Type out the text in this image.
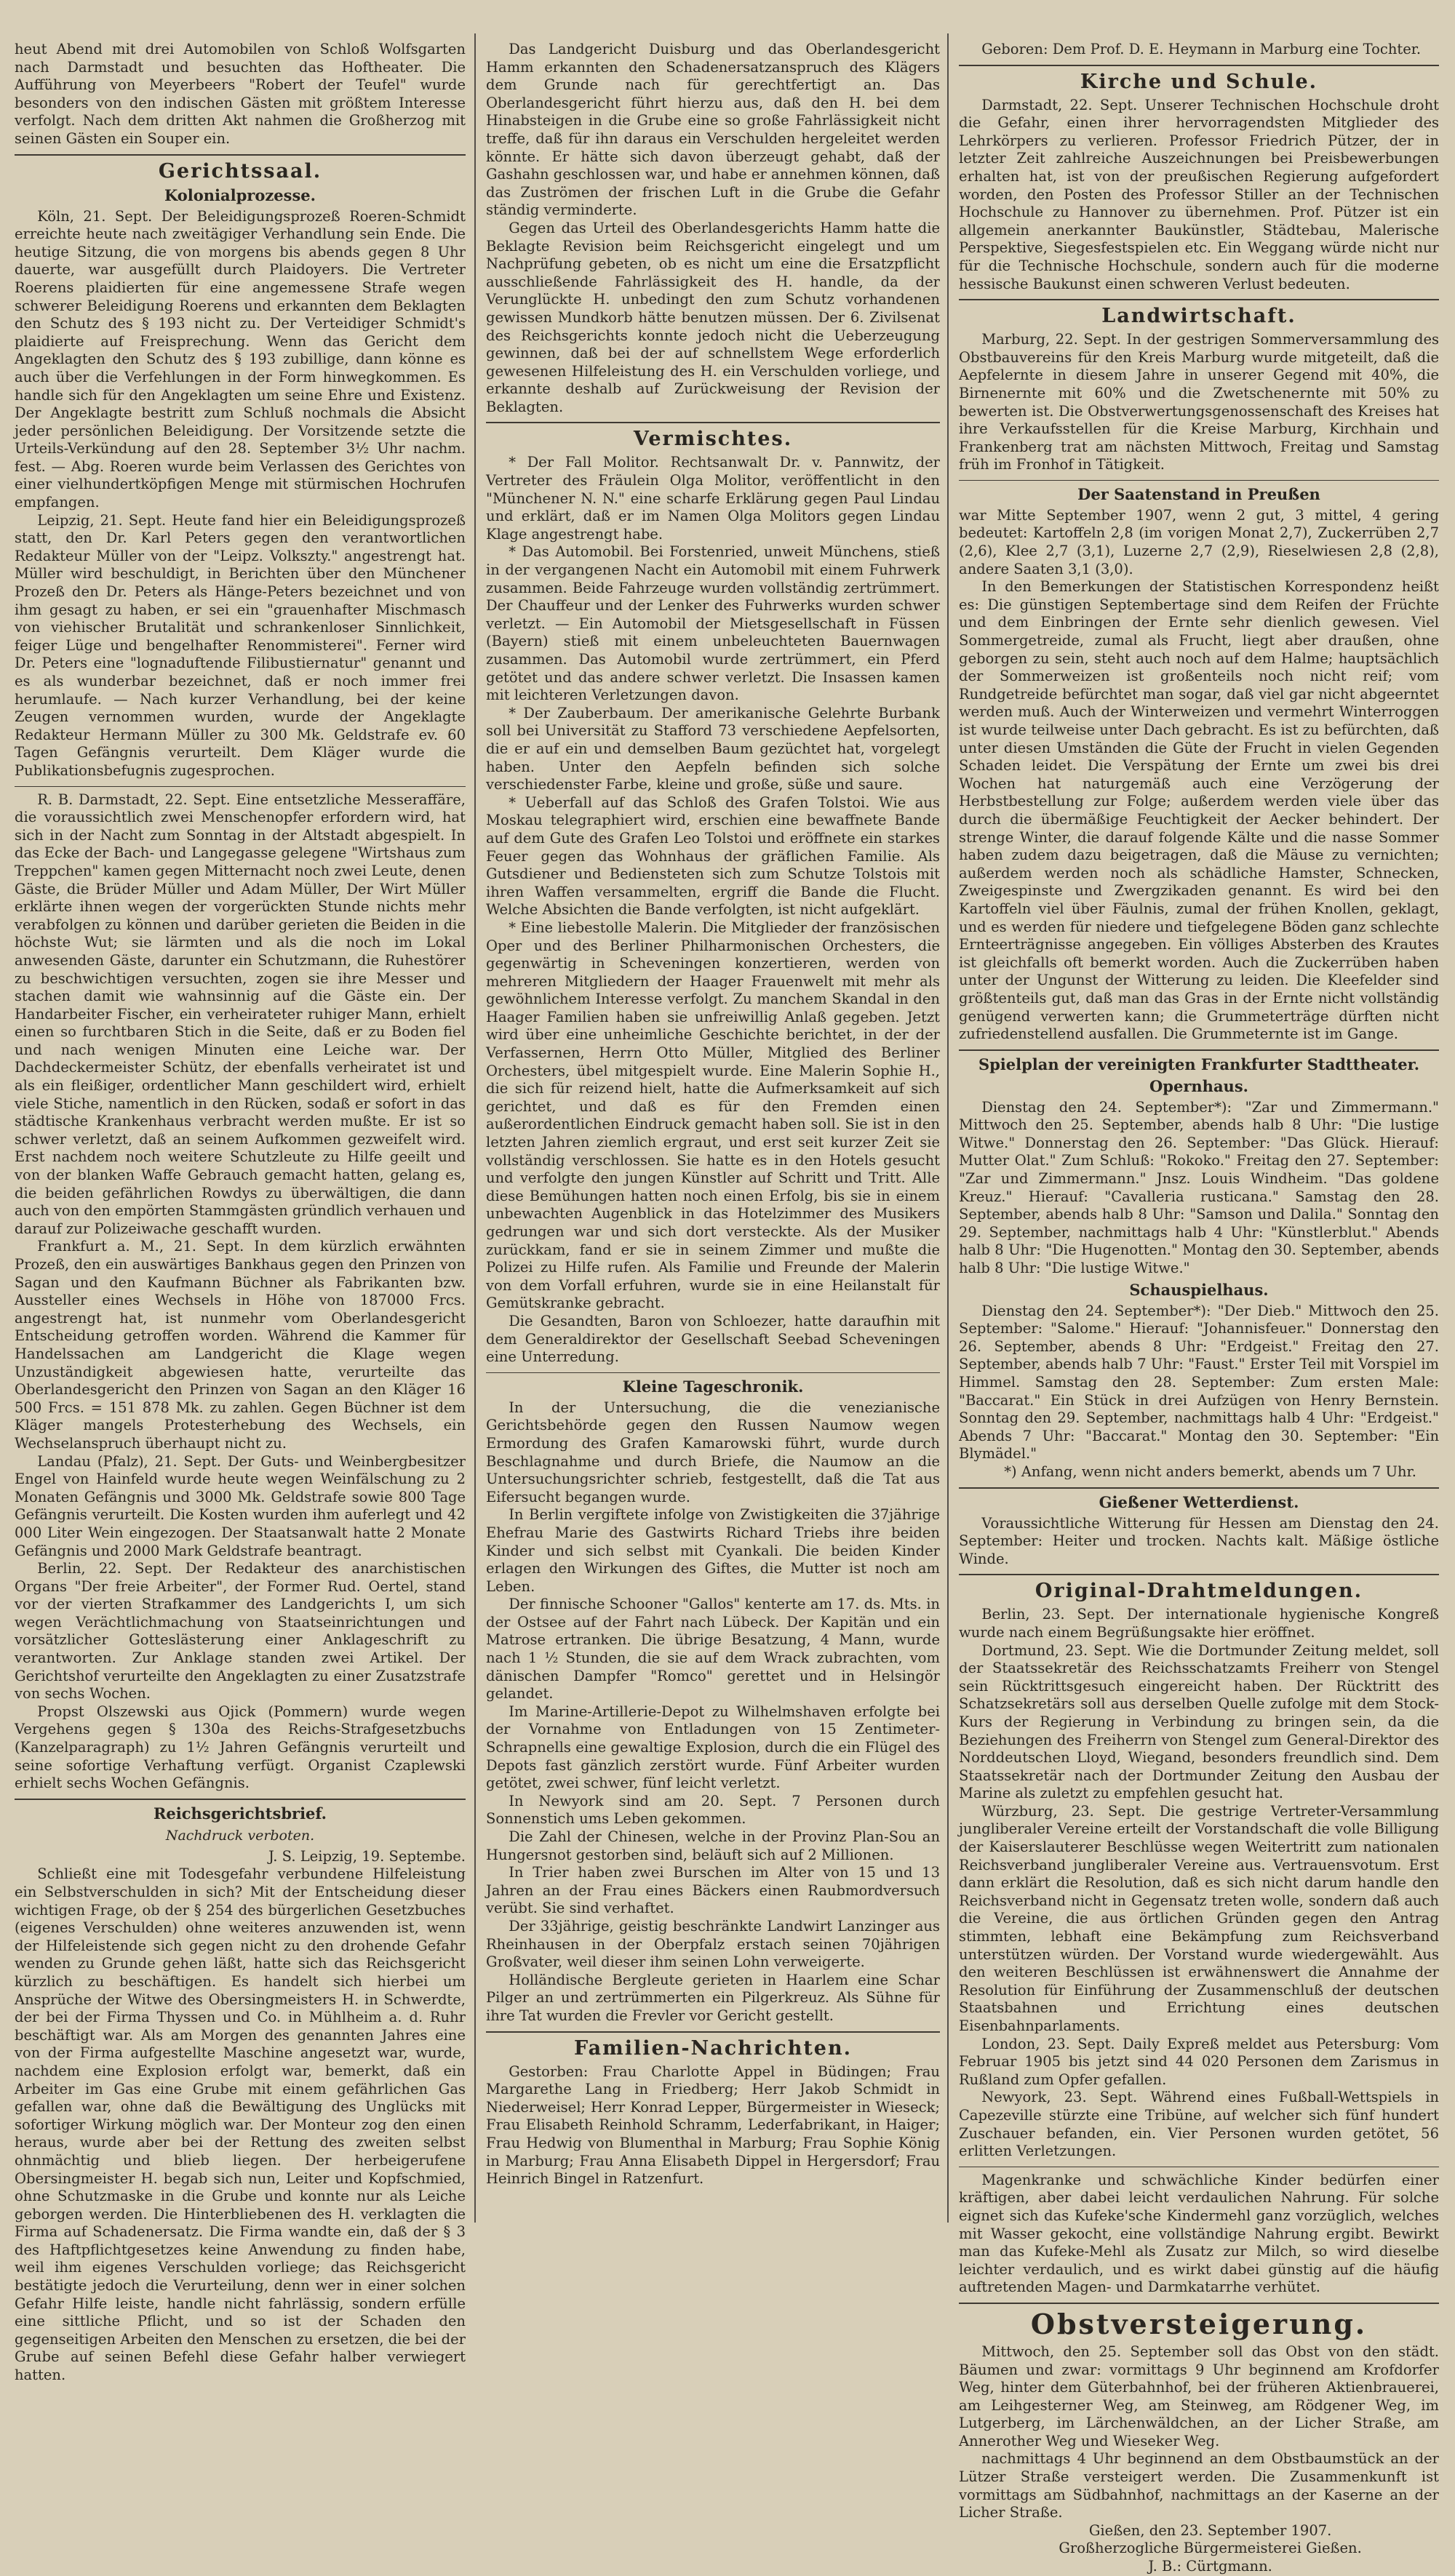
heut Abend mit drei Automobilen von Schloß Wolfsgarten nach Darmstadt und besuchten das Hoftheater. Die Aufführung von Meyerbeers "Robert der Teufel" wurde besonders von den indischen Gästen mit größtem Interesse verfolgt. Nach dem dritten Akt nahmen die Großherzog mit seinen Gästen ein Souper ein.

Gerichtssaal.
Kolonialprozesse.

Köln, 21. Sept. Der Beleidigungsprozeß Roeren-Schmidt erreichte heute nach zweitägiger Verhandlung sein Ende. Die heutige Sitzung, die von morgens bis abends gegen 8 Uhr dauerte, war ausgefüllt durch Plaidoyers. Die Vertreter Roerens plaidierten für eine angemessene Strafe wegen schwerer Beleidigung Roerens und erkannten dem Beklagten den Schutz des § 193 nicht zu. Der Verteidiger Schmidt's plaidierte auf Freisprechung. Wenn das Gericht dem Angeklagten den Schutz des § 193 zubillige, dann könne es auch über die Verfehlungen in der Form hinwegkommen. Es handle sich für den Angeklagten um seine Ehre und Existenz. Der Angeklagte bestritt zum Schluß nochmals die Absicht jeder persönlichen Beleidigung. Der Vorsitzende setzte die Urteils-Verkündung auf den 28. September 3½ Uhr nachm. fest. — Abg. Roeren wurde beim Verlassen des Gerichtes von einer vielhundertköpfigen Menge mit stürmischen Hochrufen empfangen.

Leipzig, 21. Sept. Heute fand hier ein Beleidigungsprozeß statt, den Dr. Karl Peters gegen den verantwortlichen Redakteur Müller von der "Leipz. Volkszty." angestrengt hat. Müller wird beschuldigt, in Berichten über den Münchener Prozeß den Dr. Peters als Hänge-Peters bezeichnet und von ihm gesagt zu haben, er sei ein "grauenhafter Mischmasch von viehischer Brutalität und schrankenloser Sinnlichkeit, feiger Lüge und bengelhafter Renommisterei". Ferner wird Dr. Peters eine "lognaduftende Filibustiernatur" genannt und es als wunderbar bezeichnet, daß er noch immer frei herumlaufe. — Nach kurzer Verhandlung, bei der keine Zeugen vernommen wurden, wurde der Angeklagte Redakteur Hermann Müller zu 300 Mk. Geldstrafe ev. 60 Tagen Gefängnis verurteilt. Dem Kläger wurde die Publikationsbefugnis zugesprochen.

R. B. Darmstadt, 22. Sept. Eine entsetzliche Messeraffäre, die voraussichtlich zwei Menschenopfer erfordern wird, hat sich in der Nacht zum Sonntag in der Altstadt abgespielt. In das Ecke der Bach- und Langegasse gelegene "Wirtshaus zum Treppchen" kamen gegen Mitternacht noch zwei Leute, denen Gäste, die Brüder Müller und Adam Müller, Der Wirt Müller erklärte ihnen wegen der vorgerückten Stunde nichts mehr verabfolgen zu können und darüber gerieten die Beiden in die höchste Wut; sie lärmten und als die noch im Lokal anwesenden Gäste, darunter ein Schutzmann, die Ruhestörer zu beschwichtigen versuchten, zogen sie ihre Messer und stachen damit wie wahnsinnig auf die Gäste ein. Der Handarbeiter Fischer, ein verheirateter ruhiger Mann, erhielt einen so furchtbaren Stich in die Seite, daß er zu Boden fiel und nach wenigen Minuten eine Leiche war. Der Dachdeckermeister Schütz, der ebenfalls verheiratet ist und als ein fleißiger, ordentlicher Mann geschildert wird, erhielt viele Stiche, namentlich in den Rücken, sodaß er sofort in das städtische Krankenhaus verbracht werden mußte. Er ist so schwer verletzt, daß an seinem Aufkommen gezweifelt wird. Erst nachdem noch weitere Schutzleute zu Hilfe geeilt und von der blanken Waffe Gebrauch gemacht hatten, gelang es, die beiden gefährlichen Rowdys zu überwältigen, die dann auch von den empörten Stammgästen gründlich verhauen und darauf zur Polizeiwache geschafft wurden.

Frankfurt a. M., 21. Sept. In dem kürzlich erwähnten Prozeß, den ein auswärtiges Bankhaus gegen den Prinzen von Sagan und den Kaufmann Büchner als Fabrikanten bzw. Aussteller eines Wechsels in Höhe von 187000 Frcs. angestrengt hat, ist nunmehr vom Oberlandesgericht Entscheidung getroffen worden. Während die Kammer für Handelssachen am Landgericht die Klage wegen Unzuständigkeit abgewiesen hatte, verurteilte das Oberlandesgericht den Prinzen von Sagan an den Kläger 16 500 Frcs. = 151 878 Mk. zu zahlen. Gegen Büchner ist dem Kläger mangels Protesterhebung des Wechsels, ein Wechselanspruch überhaupt nicht zu.

Landau (Pfalz), 21. Sept. Der Guts- und Weinbergbesitzer Engel von Hainfeld wurde heute wegen Weinfälschung zu 2 Monaten Gefängnis und 3000 Mk. Geldstrafe sowie 800 Tage Gefängnis verurteilt. Die Kosten wurden ihm auferlegt und 42 000 Liter Wein eingezogen. Der Staatsanwalt hatte 2 Monate Gefängnis und 2000 Mark Geldstrafe beantragt.

Berlin, 22. Sept. Der Redakteur des anarchistischen Organs "Der freie Arbeiter", der Former Rud. Oertel, stand vor der vierten Strafkammer des Landgerichts I, um sich wegen Verächtlichmachung von Staatseinrichtungen und vorsätzlicher Gotteslästerung einer Anklageschrift zu verantworten. Zur Anklage standen zwei Artikel. Der Gerichtshof verurteilte den Angeklagten zu einer Zusatzstrafe von sechs Wochen.

Propst Olszewski aus Ojick (Pommern) wurde wegen Vergehens gegen § 130a des Reichs-Strafgesetzbuchs (Kanzelparagraph) zu 1½ Jahren Gefängnis verurteilt und seine sofortige Verhaftung verfügt. Organist Czaplewski erhielt sechs Wochen Gefängnis.

Reichsgerichtsbrief.
Nachdruck verboten.

J. S. Leipzig, 19. Septembe.

Schließt eine mit Todesgefahr verbundene Hilfeleistung ein Selbstverschulden in sich? Mit der Entscheidung dieser wichtigen Frage, ob der § 254 des bürgerlichen Gesetzbuches (eigenes Verschulden) ohne weiteres anzuwenden ist, wenn der Hilfeleistende sich gegen nicht zu den drohende Gefahr wenden zu Grunde gehen läßt, hatte sich das Reichsgericht kürzlich zu beschäftigen. Es handelt sich hierbei um Ansprüche der Witwe des Obersingmeisters H. in Schwerdte, der bei der Firma Thyssen und Co. in Mühlheim a. d. Ruhr beschäftigt war. Als am Morgen des genannten Jahres eine von der Firma aufgestellte Maschine angesetzt war, wurde, nachdem eine Explosion erfolgt war, bemerkt, daß ein Arbeiter im Gas eine Grube mit einem gefährlichen Gas gefallen war, ohne daß die Bewältigung des Unglücks mit sofortiger Wirkung möglich war. Der Monteur zog den einen heraus, wurde aber bei der Rettung des zweiten selbst ohnmächtig und blieb liegen. Der herbeigerufene Obersingmeister H. begab sich nun, Leiter und Kopfschmied, ohne Schutzmaske in die Grube und konnte nur als Leiche geborgen werden. Die Hinterbliebenen des H. verklagten die Firma auf Schadenersatz. Die Firma wandte ein, daß der § 3 des Haftpflichtgesetzes keine Anwendung zu finden habe, weil ihm eigenes Verschulden vorliege; das Reichsgericht bestätigte jedoch die Verurteilung, denn wer in einer solchen Gefahr Hilfe leiste, handle nicht fahrlässig, sondern erfülle eine sittliche Pflicht, und so ist der Schaden den gegenseitigen Arbeiten den Menschen zu ersetzen, die bei der Grube auf seinen Befehl diese Gefahr halber verwiegert hatten.

Das Landgericht Duisburg und das Oberlandesgericht Hamm erkannten den Schadenersatzanspruch des Klägers dem Grunde nach für gerechtfertigt an. Das Oberlandesgericht führt hierzu aus, daß den H. bei dem Hinabsteigen in die Grube eine so große Fahrlässigkeit nicht treffe, daß für ihn daraus ein Verschulden hergeleitet werden könnte. Er hätte sich davon überzeugt gehabt, daß der Gashahn geschlossen war, und habe er annehmen können, daß das Zuströmen der frischen Luft in die Grube die Gefahr ständig verminderte.

Gegen das Urteil des Oberlandesgerichts Hamm hatte die Beklagte Revision beim Reichsgericht eingelegt und um Nachprüfung gebeten, ob es nicht um eine die Ersatzpflicht ausschließende Fahrlässigkeit des H. handle, da der Verunglückte H. unbedingt den zum Schutz vorhandenen gewissen Mundkorb hätte benutzen müssen. Der 6. Zivilsenat des Reichsgerichts konnte jedoch nicht die Ueberzeugung gewinnen, daß bei der auf schnellstem Wege erforderlich gewesenen Hilfeleistung des H. ein Verschulden vorliege, und erkannte deshalb auf Zurückweisung der Revision der Beklagten.

Vermischtes.

* Der Fall Molitor. Rechtsanwalt Dr. v. Pannwitz, der Vertreter des Fräulein Olga Molitor, veröffentlicht in den "Münchener N. N." eine scharfe Erklärung gegen Paul Lindau und erklärt, daß er im Namen Olga Molitors gegen Lindau Klage angestrengt habe.

* Das Automobil. Bei Forstenried, unweit Münchens, stieß in der vergangenen Nacht ein Automobil mit einem Fuhrwerk zusammen. Beide Fahrzeuge wurden vollständig zertrümmert. Der Chauffeur und der Lenker des Fuhrwerks wurden schwer verletzt. — Ein Automobil der Mietsgesellschaft in Füssen (Bayern) stieß mit einem unbeleuchteten Bauernwagen zusammen. Das Automobil wurde zertrümmert, ein Pferd getötet und das andere schwer verletzt. Die Insassen kamen mit leichteren Verletzungen davon.

* Der Zauberbaum. Der amerikanische Gelehrte Burbank soll bei Universität zu Stafford 73 verschiedene Aepfelsorten, die er auf ein und demselben Baum gezüchtet hat, vorgelegt haben. Unter den Aepfeln befinden sich solche verschiedenster Farbe, kleine und große, süße und saure.

* Ueberfall auf das Schloß des Grafen Tolstoi. Wie aus Moskau telegraphiert wird, erschien eine bewaffnete Bande auf dem Gute des Grafen Leo Tolstoi und eröffnete ein starkes Feuer gegen das Wohnhaus der gräflichen Familie. Als Gutsdiener und Bediensteten sich zum Schutze Tolstois mit ihren Waffen versammelten, ergriff die Bande die Flucht. Welche Absichten die Bande verfolgten, ist nicht aufgeklärt.

* Eine liebestolle Malerin. Die Mitglieder der französischen Oper und des Berliner Philharmonischen Orchesters, die gegenwärtig in Scheveningen konzertieren, werden von mehreren Mitgliedern der Haager Frauenwelt mit mehr als gewöhnlichem Interesse verfolgt. Zu manchem Skandal in den Haager Familien haben sie unfreiwillig Anlaß gegeben. Jetzt wird über eine unheimliche Geschichte berichtet, in der der Verfassernen, Herrn Otto Müller, Mitglied des Berliner Orchesters, übel mitgespielt wurde. Eine Malerin Sophie H., die sich für reizend hielt, hatte die Aufmerksamkeit auf sich gerichtet, und daß es für den Fremden einen außerordentlichen Eindruck gemacht haben soll. Sie ist in den letzten Jahren ziemlich ergraut, und erst seit kurzer Zeit sie vollständig verschlossen. Sie hatte es in den Hotels gesucht und verfolgte den jungen Künstler auf Schritt und Tritt. Alle diese Bemühungen hatten noch einen Erfolg, bis sie in einem unbewachten Augenblick in das Hotelzimmer des Musikers gedrungen war und sich dort versteckte. Als der Musiker zurückkam, fand er sie in seinem Zimmer und mußte die Polizei zu Hilfe rufen. Als Familie und Freunde der Malerin von dem Vorfall erfuhren, wurde sie in eine Heilanstalt für Gemütskranke gebracht.

Die Gesandten, Baron von Schloezer, hatte daraufhin mit dem Generaldirektor der Gesellschaft Seebad Scheveningen eine Unterredung.

Kleine Tageschronik.

In der Untersuchung, die die venezianische Gerichtsbehörde gegen den Russen Naumow wegen Ermordung des Grafen Kamarowski führt, wurde durch Beschlagnahme und durch Briefe, die Naumow an die Untersuchungsrichter schrieb, festgestellt, daß die Tat aus Eifersucht begangen wurde.

In Berlin vergiftete infolge von Zwistigkeiten die 37jährige Ehefrau Marie des Gastwirts Richard Triebs ihre beiden Kinder und sich selbst mit Cyankali. Die beiden Kinder erlagen den Wirkungen des Giftes, die Mutter ist noch am Leben.

Der finnische Schooner "Gallos" kenterte am 17. ds. Mts. in der Ostsee auf der Fahrt nach Lübeck. Der Kapitän und ein Matrose ertranken. Die übrige Besatzung, 4 Mann, wurde nach 1 ½ Stunden, die sie auf dem Wrack zubrachten, vom dänischen Dampfer "Romco" gerettet und in Helsingör gelandet.

Im Marine-Artillerie-Depot zu Wilhelmshaven erfolgte bei der Vornahme von Entladungen von 15 Zentimeter-Schrapnells eine gewaltige Explosion, durch die ein Flügel des Depots fast gänzlich zerstört wurde. Fünf Arbeiter wurden getötet, zwei schwer, fünf leicht verletzt.

In Newyork sind am 20. Sept. 7 Personen durch Sonnenstich ums Leben gekommen.

Die Zahl der Chinesen, welche in der Provinz Plan-Sou an Hungersnot gestorben sind, beläuft sich auf 2 Millionen.

In Trier haben zwei Burschen im Alter von 15 und 13 Jahren an der Frau eines Bäckers einen Raubmordversuch verübt. Sie sind verhaftet.

Der 33jährige, geistig beschränkte Landwirt Lanzinger aus Rheinhausen in der Oberpfalz erstach seinen 70jährigen Großvater, weil dieser ihm seinen Lohn verweigerte.

Holländische Bergleute gerieten in Haarlem eine Schar Pilger an und zertrümmerten ein Pilgerkreuz. Als Sühne für ihre Tat wurden die Frevler vor Gericht gestellt.

Familien-Nachrichten.

Gestorben: Frau Charlotte Appel in Büdingen; Frau Margarethe Lang in Friedberg; Herr Jakob Schmidt in Niederweisel; Herr Konrad Lepper, Bürgermeister in Wieseck; Frau Elisabeth Reinhold Schramm, Lederfabrikant, in Haiger; Frau Hedwig von Blumenthal in Marburg; Frau Sophie König in Marburg; Frau Anna Elisabeth Dippel in Hergersdorf; Frau Heinrich Bingel in Ratzenfurt.

Geboren: Dem Prof. D. E. Heymann in Marburg eine Tochter.

Kirche und Schule.

Darmstadt, 22. Sept. Unserer Technischen Hochschule droht die Gefahr, einen ihrer hervorragendsten Mitglieder des Lehrkörpers zu verlieren. Professor Friedrich Pützer, der in letzter Zeit zahlreiche Auszeichnungen bei Preisbewerbungen erhalten hat, ist von der preußischen Regierung aufgefordert worden, den Posten des Professor Stiller an der Technischen Hochschule zu Hannover zu übernehmen. Prof. Pützer ist ein allgemein anerkannter Baukünstler, Städtebau, Malerische Perspektive, Siegesfestspielen etc. Ein Weggang würde nicht nur für die Technische Hochschule, sondern auch für die moderne hessische Baukunst einen schweren Verlust bedeuten.

Landwirtschaft.

Marburg, 22. Sept. In der gestrigen Sommerversammlung des Obstbauvereins für den Kreis Marburg wurde mitgeteilt, daß die Aepfelernte in diesem Jahre in unserer Gegend mit 40%, die Birnenernte mit 60% und die Zwetschenernte mit 50% zu bewerten ist. Die Obstverwertungsgenossenschaft des Kreises hat ihre Verkaufsstellen für die Kreise Marburg, Kirchhain und Frankenberg trat am nächsten Mittwoch, Freitag und Samstag früh im Fronhof in Tätigkeit.

Der Saatenstand in Preußen

war Mitte September 1907, wenn 2 gut, 3 mittel, 4 gering bedeutet: Kartoffeln 2,8 (im vorigen Monat 2,7), Zuckerrüben 2,7 (2,6), Klee 2,7 (3,1), Luzerne 2,7 (2,9), Rieselwiesen 2,8 (2,8), andere Saaten 3,1 (3,0).

In den Bemerkungen der Statistischen Korrespondenz heißt es: Die günstigen Septembertage sind dem Reifen der Früchte und dem Einbringen der Ernte sehr dienlich gewesen. Viel Sommergetreide, zumal als Frucht, liegt aber draußen, ohne geborgen zu sein, steht auch noch auf dem Halme; hauptsächlich der Sommerweizen ist großenteils noch nicht reif; vom Rundgetreide befürchtet man sogar, daß viel gar nicht abgeerntet werden muß. Auch der Winterweizen und vermehrt Winterroggen ist wurde teilweise unter Dach gebracht. Es ist zu befürchten, daß unter diesen Umständen die Güte der Frucht in vielen Gegenden Schaden leidet. Die Verspätung der Ernte um zwei bis drei Wochen hat naturgemäß auch eine Verzögerung der Herbstbestellung zur Folge; außerdem werden viele über das durch die übermäßige Feuchtigkeit der Aecker behindert. Der strenge Winter, die darauf folgende Kälte und die nasse Sommer haben zudem dazu beigetragen, daß die Mäuse zu vernichten; außerdem werden noch als schädliche Hamster, Schnecken, Zweigespinste und Zwergzikaden genannt. Es wird bei den Kartoffeln viel über Fäulnis, zumal der frühen Knollen, geklagt, und es werden für niedere und tiefgelegene Böden ganz schlechte Ernteerträgnisse angegeben. Ein völliges Absterben des Krautes ist gleichfalls oft bemerkt worden. Auch die Zuckerrüben haben unter der Ungunst der Witterung zu leiden. Die Kleefelder sind größtenteils gut, daß man das Gras in der Ernte nicht vollständig genügend verwerten kann; die Grummeterträge dürften nicht zufriedenstellend ausfallen. Die Grummeternte ist im Gange.

Spielplan der vereinigten Frankfurter Stadttheater.
Opernhaus.

Dienstag den 24. September*): "Zar und Zimmermann." Mittwoch den 25. September, abends halb 8 Uhr: "Die lustige Witwe." Donnerstag den 26. September: "Das Glück. Hierauf: Mutter Olat." Zum Schluß: "Rokoko." Freitag den 27. September: "Zar und Zimmermann." Jnsz. Louis Windheim. "Das goldene Kreuz." Hierauf: "Cavalleria rusticana." Samstag den 28. September, abends halb 8 Uhr: "Samson und Dalila." Sonntag den 29. September, nachmittags halb 4 Uhr: "Künstlerblut." Abends halb 8 Uhr: "Die Hugenotten." Montag den 30. September, abends halb 8 Uhr: "Die lustige Witwe."

Schauspielhaus.

Dienstag den 24. September*): "Der Dieb." Mittwoch den 25. September: "Salome." Hierauf: "Johannisfeuer." Donnerstag den 26. September, abends 8 Uhr: "Erdgeist." Freitag den 27. September, abends halb 7 Uhr: "Faust." Erster Teil mit Vorspiel im Himmel. Samstag den 28. September: Zum ersten Male: "Baccarat." Ein Stück in drei Aufzügen von Henry Bernstein. Sonntag den 29. September, nachmittags halb 4 Uhr: "Erdgeist." Abends 7 Uhr: "Baccarat." Montag den 30. September: "Ein Blymädel."

*) Anfang, wenn nicht anders bemerkt, abends um 7 Uhr.

Gießener Wetterdienst.

Voraussichtliche Witterung für Hessen am Dienstag den 24. September: Heiter und trocken. Nachts kalt. Mäßige östliche Winde.

Original-Drahtmeldungen.

Berlin, 23. Sept. Der internationale hygienische Kongreß wurde nach einem Begrüßungsakte hier eröffnet.

Dortmund, 23. Sept. Wie die Dortmunder Zeitung meldet, soll der Staatssekretär des Reichsschatzamts Freiherr von Stengel sein Rücktrittsgesuch eingereicht haben. Der Rücktritt des Schatzsekretärs soll aus derselben Quelle zufolge mit dem Stock-Kurs der Regierung in Verbindung zu bringen sein, da die Beziehungen des Freiherrn von Stengel zum General-Direktor des Norddeutschen Lloyd, Wiegand, besonders freundlich sind. Dem Staatssekretär nach der Dortmunder Zeitung den Ausbau der Marine als zuletzt zu empfehlen gesucht hat.

Würzburg, 23. Sept. Die gestrige Vertreter-Versammlung jungliberaler Vereine erteilt der Vorstandschaft die volle Billigung der Kaiserslauterer Beschlüsse wegen Weitertritt zum nationalen Reichsverband jungliberaler Vereine aus. Vertrauensvotum. Erst dann erklärt die Resolution, daß es sich nicht darum handle den Reichsverband nicht in Gegensatz treten wolle, sondern daß auch die Vereine, die aus örtlichen Gründen gegen den Antrag stimmten, lebhaft eine Bekämpfung zum Reichsverband unterstützen würden. Der Vorstand wurde wiedergewählt. Aus den weiteren Beschlüssen ist erwähnenswert die Annahme der Resolution für Einführung der Zusammenschluß der deutschen Staatsbahnen und Errichtung eines deutschen Eisenbahnparlaments.

London, 23. Sept. Daily Expreß meldet aus Petersburg: Vom Februar 1905 bis jetzt sind 44 020 Personen dem Zarismus in Rußland zum Opfer gefallen.

Newyork, 23. Sept. Während eines Fußball-Wettspiels in Capezeville stürzte eine Tribüne, auf welcher sich fünf hundert Zuschauer befanden, ein. Vier Personen wurden getötet, 56 erlitten Verletzungen.

Magenkranke und schwächliche Kinder bedürfen einer kräftigen, aber dabei leicht verdaulichen Nahrung. Für solche eignet sich das Kufeke'sche Kindermehl ganz vorzüglich, welches mit Wasser gekocht, eine vollständige Nahrung ergibt. Bewirkt man das Kufeke-Mehl als Zusatz zur Milch, so wird dieselbe leichter verdaulich, und es wirkt dabei günstig auf die häufig auftretenden Magen- und Darmkatarrhe verhütet.

Obstversteigerung.

Mittwoch, den 25. September soll das Obst von den städt. Bäumen und zwar: vormittags 9 Uhr beginnend am Krofdorfer Weg, hinter dem Güterbahnhof, bei der früheren Aktienbrauerei, am Leihgesterner Weg, am Steinweg, am Rödgener Weg, im Lutgerberg, im Lärchenwäldchen, an der Licher Straße, am Annerother Weg und Wieseker Weg.

nachmittags 4 Uhr beginnend an dem Obstbaumstück an der Lützer Straße versteigert werden. Die Zusammenkunft ist vormittags am Südbahnhof, nachmittags an der Kaserne an der Licher Straße.

Gießen, den 23. September 1907.

Großherzogliche Bürgermeisterei Gießen.

J. B.: Cürtgmann.
